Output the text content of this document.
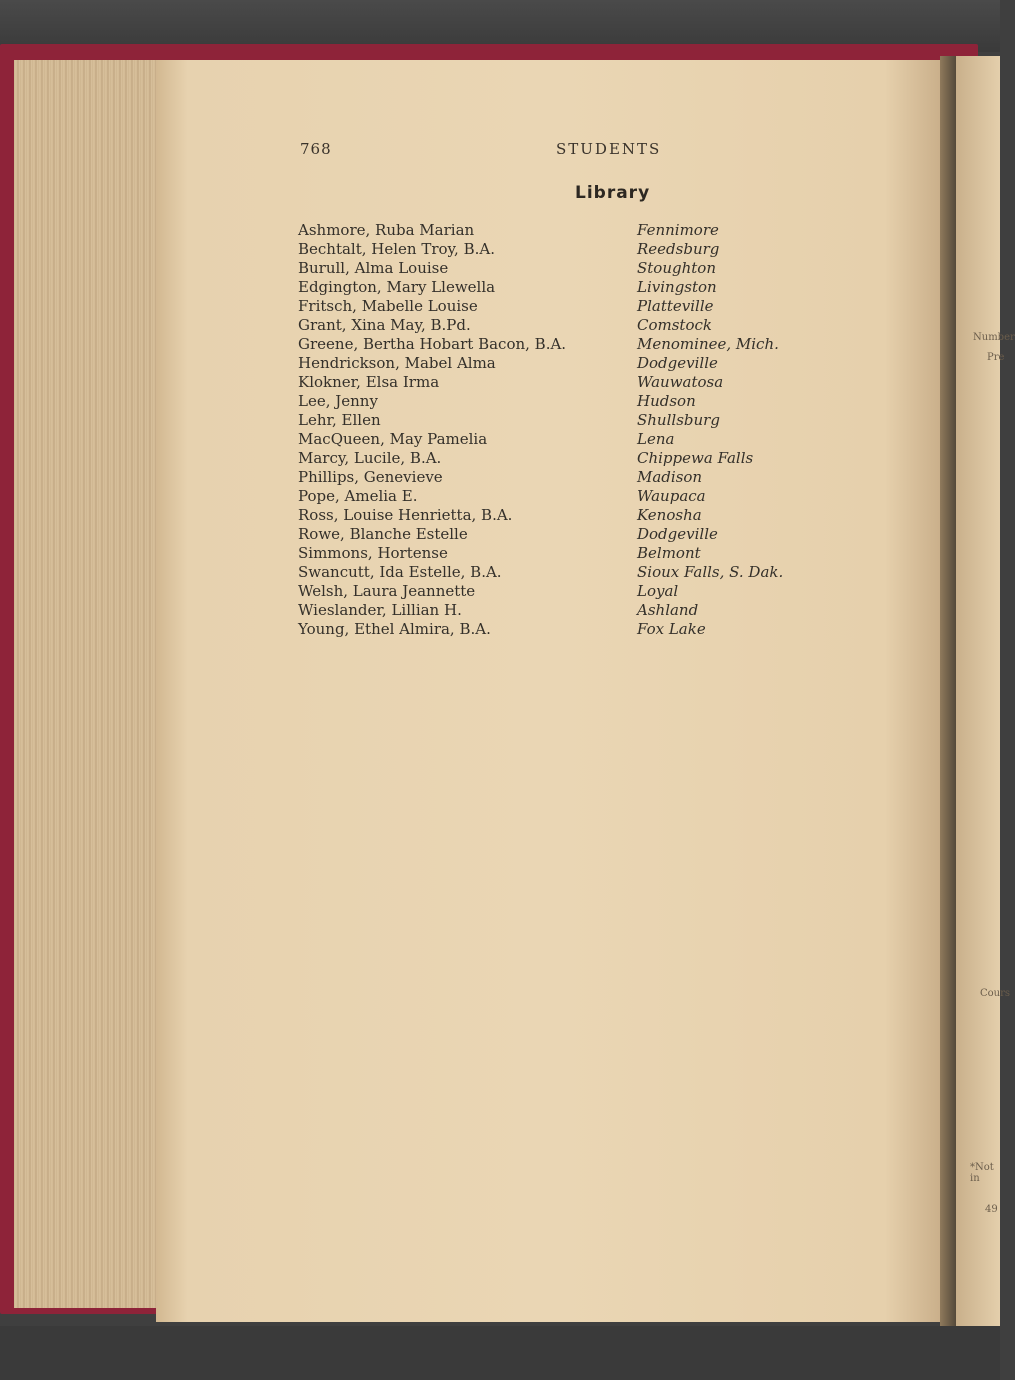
768	STUDENTS
Library
Ashmore, Ruba Marian	Fennimore
Bechtalt, Helen Troy, B.A.	Reedsburg
Burull, Alma Louise	Stoughton
Edgington, Mary Llewella	Livingston
Fritsch, Mabelle Louise	Platteville
Grant, Xina May, B.Pd.	Comstock
Greene, Bertha Hobart Bacon, B.A.	Menominee, Mich.
Hendrickson, Mabel Alma	Dodgeville
Klokner, Elsa Irma	Wauwatosa
Lee, Jenny	Hudson
Lehr, Ellen	Shullsburg
MacQueen, May Pamelia	Lena
Marcy, Lucile, B.A.	Chippewa Falls
Phillips, Genevieve	Madison
Pope, Amelia E.	Waupaca
Ross, Louise Henrietta, B.A.	Kenosha
Rowe, Blanche Estelle	Dodgeville
Simmons, Hortense	Belmont
Swancutt, Ida Estelle, B.A.	Sioux Falls, S. Dak.
Welsh, Laura Jeannette	Loyal
Wieslander, Lillian H.	Ashland
Young, Ethel Almira, B.A.	Fox Lake
Number
Pre
Cours
*Not in
49
